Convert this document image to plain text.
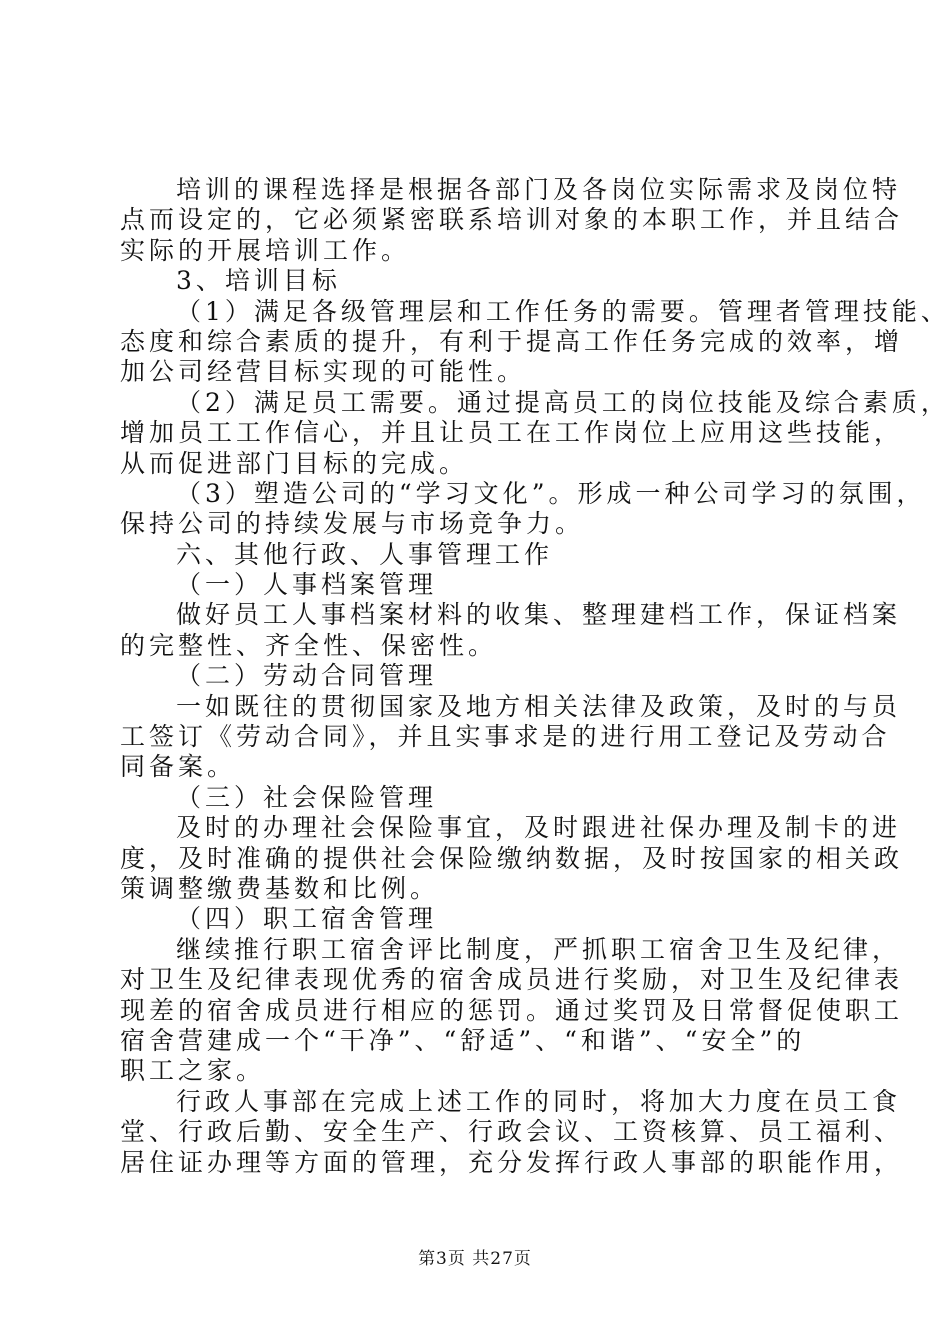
培训的课程选择是根据各部门及各岗位实际需求及岗位特
点而设定的，它必须紧密联系培训对象的本职工作，并且结合
实际的开展培训工作。
3、培训目标
（1）满足各级管理层和工作任务的需要。管理者管理技能、
态度和综合素质的提升，有利于提高工作任务完成的效率，增
加公司经营目标实现的可能性。
（2）满足员工需要。通过提高员工的岗位技能及综合素质，
增加员工工作信心，并且让员工在工作岗位上应用这些技能，
从而促进部门目标的完成。
（3）塑造公司的“学习文化”。形成一种公司学习的氛围，
保持公司的持续发展与市场竞争力。
六、其他行政、人事管理工作
（一）人事档案管理
做好员工人事档案材料的收集、整理建档工作，保证档案
的完整性、齐全性、保密性。
（二）劳动合同管理
一如既往的贯彻国家及地方相关法律及政策，及时的与员
工签订《劳动合同》，并且实事求是的进行用工登记及劳动合
同备案。
（三）社会保险管理
及时的办理社会保险事宜，及时跟进社保办理及制卡的进
度，及时准确的提供社会保险缴纳数据，及时按国家的相关政
策调整缴费基数和比例。
（四）职工宿舍管理
继续推行职工宿舍评比制度，严抓职工宿舍卫生及纪律，
对卫生及纪律表现优秀的宿舍成员进行奖励，对卫生及纪律表
现差的宿舍成员进行相应的惩罚。通过奖罚及日常督促使职工
宿舍营建成一个“干净”、“舒适”、“和谐”、“安全”的
职工之家。
行政人事部在完成上述工作的同时，将加大力度在员工食
堂、行政后勤、安全生产、行政会议、工资核算、员工福利、
居住证办理等方面的管理，充分发挥行政人事部的职能作用，
第3页 共27页
